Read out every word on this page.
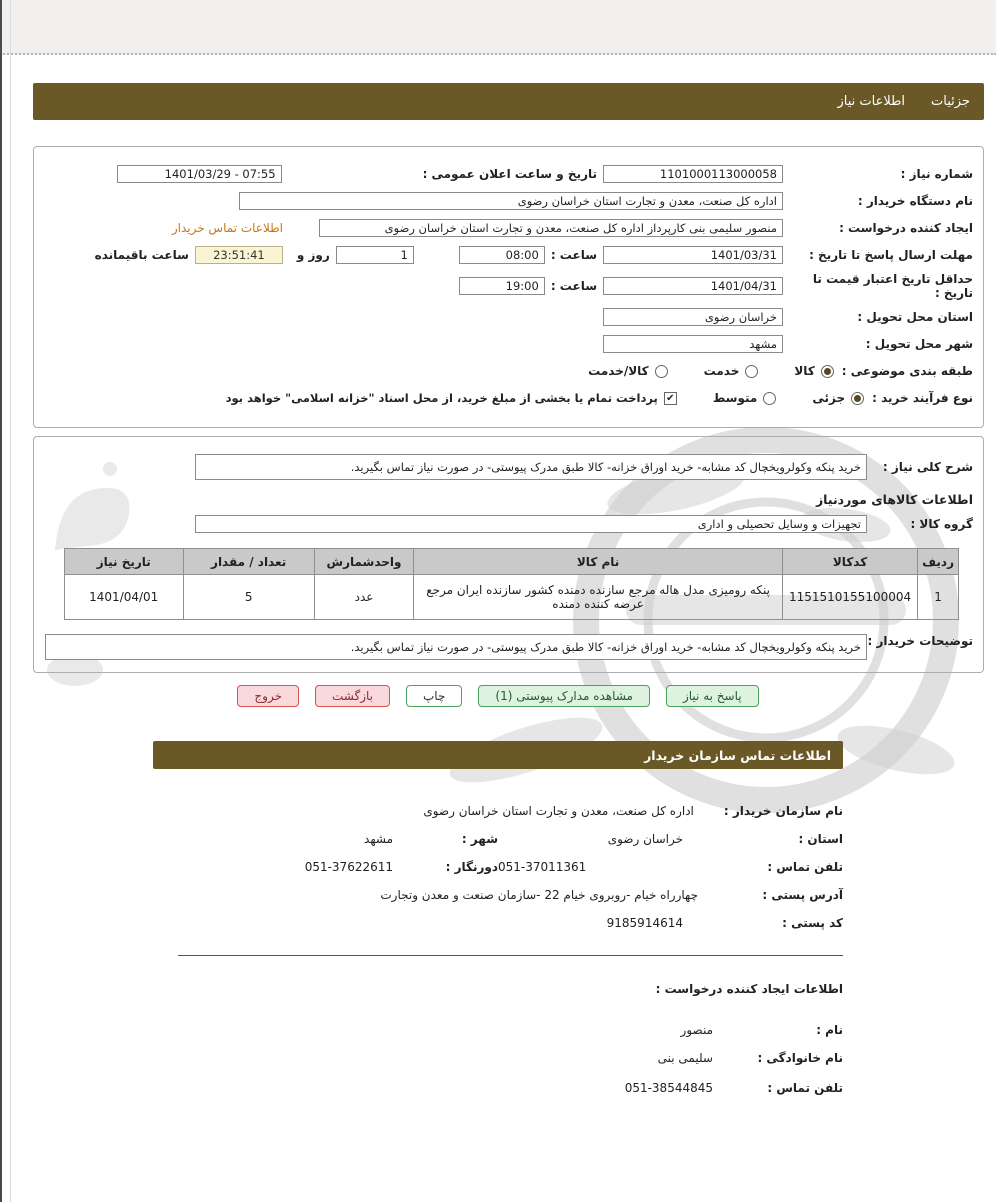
جزئیات
اطلاعات نیاز
شماره نیاز :
1101000113000058
تاریخ و ساعت اعلان عمومی :
1401/03/29 - 07:55
نام دستگاه خریدار :
اداره کل صنعت، معدن و تجارت استان خراسان رضوی
ایجاد کننده درخواست :
منصور سلیمی بنی کارپرداز اداره کل صنعت، معدن و تجارت استان خراسان رضوی
اطلاعات تماس خریدار
مهلت ارسال پاسخ تا تاریخ :
1401/03/31
ساعت :
08:00
1
روز و
23:51:41
ساعت باقیمانده
حداقل تاریخ اعتبار قیمت تا تاریخ :
1401/04/31
ساعت :
19:00
استان محل تحویل :
خراسان رضوی
شهر محل تحویل :
مشهد
طبقه بندی موضوعی :
کالا
خدمت
کالا/خدمت
نوع فرآیند خرید :
جزئی
متوسط
✔
پرداخت تمام یا بخشی از مبلغ خرید، از محل اسناد "خزانه اسلامی" خواهد بود
شرح کلی نیاز :
خرید پنکه وکولرویخچال کد مشابه- خرید اوراق خزانه- کالا طبق مدرک پیوستی- در صورت نیاز تماس بگیرید.
اطلاعات کالاهای موردنیاز
گروه کالا :
تجهیزات و وسایل تحصیلی و اداری
ردیف	کدکالا	نام کالا	واحدشمارش	تعداد / مقدار	تاریخ نیاز
1	1151510155100004	پنکه رومیزی مدل هاله مرجع سازنده دمنده کشور سازنده ایران مرجع عرضه کننده دمنده	عدد	5	1401/04/01
توضیحات خریدار :
خرید پنکه وکولرویخچال کد مشابه- خرید اوراق خزانه- کالا طبق مدرک پیوستی- در صورت نیاز تماس بگیرید.
پاسخ به نیاز
مشاهده مدارک پیوستی (1)
چاپ
بازگشت
خروج
اطلاعات تماس سازمان خریدار
نام سازمان خریدار :
اداره کل صنعت، معدن و تجارت استان خراسان رضوی
استان :
خراسان رضوی
شهر :
مشهد
تلفن تماس :
051-37011361
دورنگار :
051-37622611
آدرس پستی :
چهارراه خیام -روبروی خیام 22 -سازمان صنعت و معدن وتجارت
کد پستی :
9185914614
اطلاعات ایجاد کننده درخواست :
نام :
منصور
نام خانوادگی :
سلیمی بنی
تلفن تماس :
051-38544845
